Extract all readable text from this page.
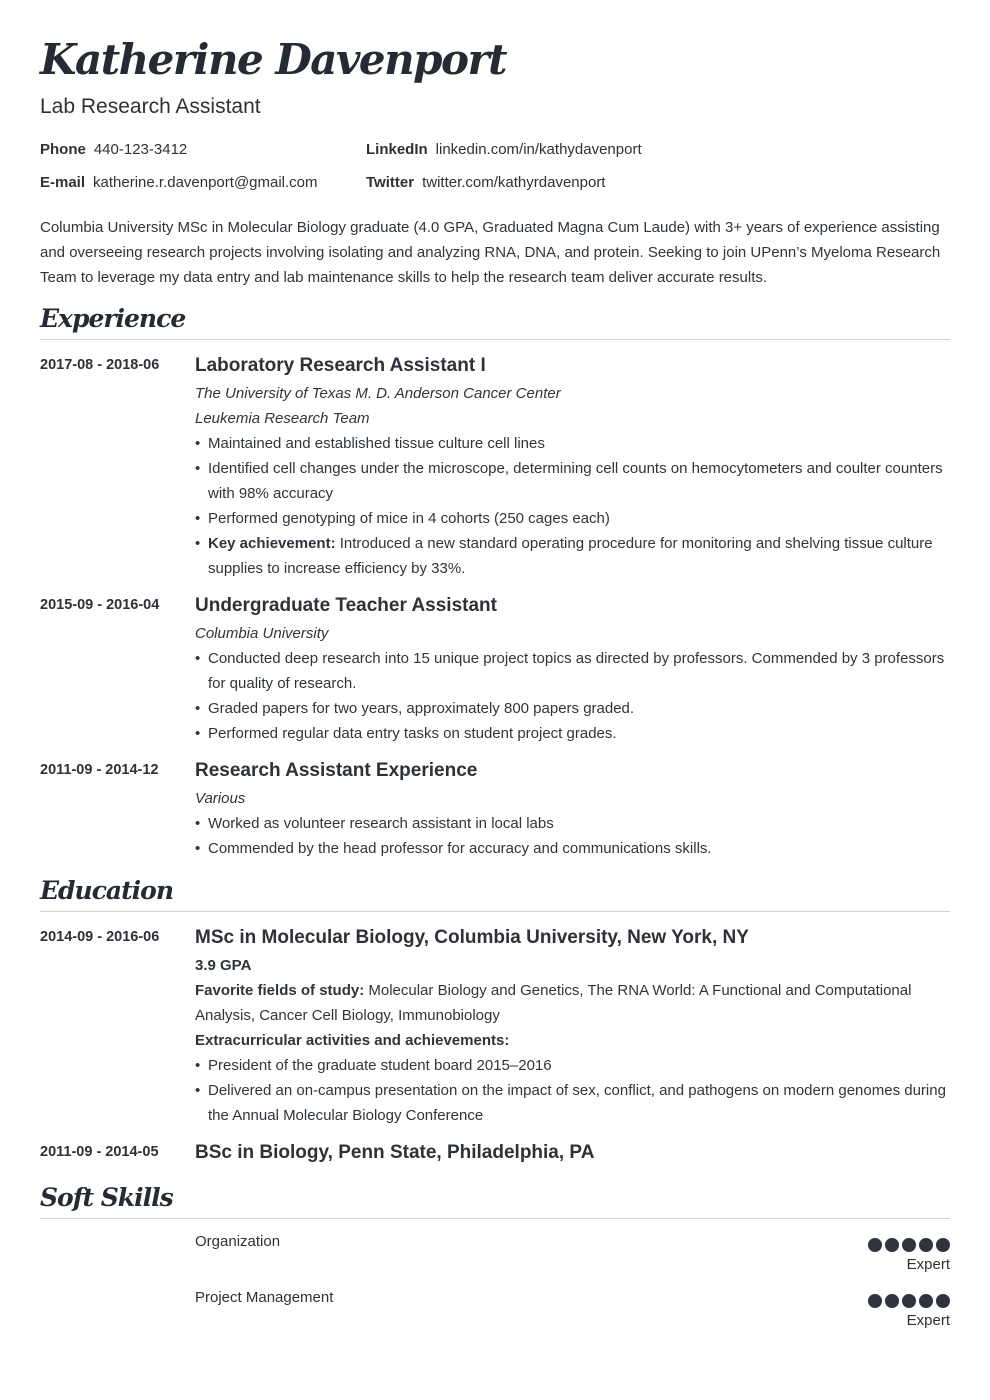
Katherine Davenport
Lab Research Assistant
Phone 440-123-3412	LinkedIn linkedin.com/in/kathydavenport
E-mail katherine.r.davenport@gmail.com	Twitter twitter.com/kathyrdavenport
Columbia University MSc in Molecular Biology graduate (4.0 GPA, Graduated Magna Cum Laude) with 3+ years of experience assisting and overseeing research projects involving isolating and analyzing RNA, DNA, and protein. Seeking to join UPenn’s Myeloma Research Team to leverage my data entry and lab maintenance skills to help the research team deliver accurate results.
Experience
2017-08 - 2018-06 Laboratory Research Assistant I
The University of Texas M. D. Anderson Cancer Center
Leukemia Research Team
• Maintained and established tissue culture cell lines
• Identified cell changes under the microscope, determining cell counts on hemocytometers and coulter counters with 98% accuracy
• Performed genotyping of mice in 4 cohorts (250 cages each)
• Key achievement: Introduced a new standard operating procedure for monitoring and shelving tissue culture supplies to increase efficiency by 33%.
2015-09 - 2016-04 Undergraduate Teacher Assistant
Columbia University
• Conducted deep research into 15 unique project topics as directed by professors. Commended by 3 professors for quality of research.
• Graded papers for two years, approximately 800 papers graded.
• Performed regular data entry tasks on student project grades.
2011-09 - 2014-12 Research Assistant Experience
Various
• Worked as volunteer research assistant in local labs
• Commended by the head professor for accuracy and communications skills.
Education
2014-09 - 2016-06 MSc in Molecular Biology, Columbia University, New York, NY
3.9 GPA
Favorite fields of study: Molecular Biology and Genetics, The RNA World: A Functional and Computational Analysis, Cancer Cell Biology, Immunobiology
Extracurricular activities and achievements:
• President of the graduate student board 2015–2016
• Delivered an on-campus presentation on the impact of sex, conflict, and pathogens on modern genomes during the Annual Molecular Biology Conference
2011-09 - 2014-05 BSc in Biology, Penn State, Philadelphia, PA
Soft Skills
Organization
Expert
Project Management
Expert
